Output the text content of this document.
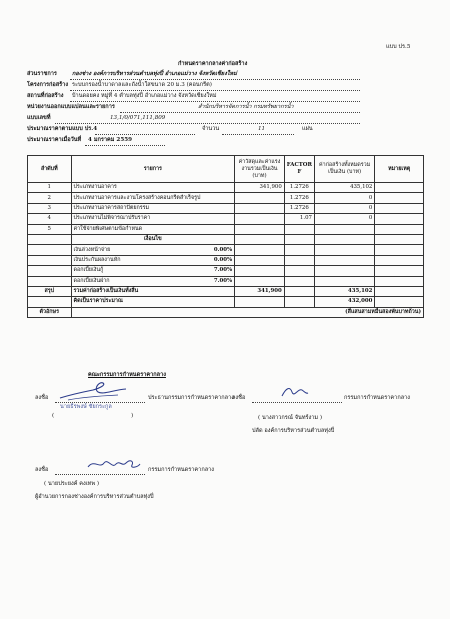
แบบ ปร.5
กำหนดราคากลางค่าก่อสร้าง
ส่วนราชการ	กองช่าง องค์การบริหารส่วนตำบลทุ่งปี่ อำเภอแม่วาง จังหวัดเชียงใหม่
โครงการก่อสร้าง ระบบกรองน้ำบาดาลและถังน้ำใสขนาด 20 ม.3 (คอนกรีต)
สถานที่ก่อสร้าง บ้านดอยคง หมู่ที่ 4 ตำบลทุ่งปี่ อำเภอแม่วาง จังหวัดเชียงใหม่
หน่วยงานออกแบบแปลนและรายการ	สำนักบริหารจัดการน้ำ กรมทรัพยากรน้ำ
แบบเลขที่	13,1/0/071,111,809
ประมาณราคาตามแบบ ปร.4	จำนวน	11	แผ่น
ประมาณราคาเมื่อวันที่ 4 มกราคม 2559
ลำดับที่	รายการ	ค่าวัสดุและค่าแรงงานรวมเป็นเงิน (บาท)	FACTOR F	ค่าก่อสร้างทั้งหมดรวมเป็นเงิน (บาท)	หมายเหตุ
1	ประเภทงานอาคาร	341,900	1.2726	435,102	
2	ประเภทงานอาคารและงานโครงสร้างคอนกรีตสำเร็จรูป		1.2726	0	
3	ประเภทงานอาคารสถาปัตยกรรม		1.2726	0	
4	ประเภทงานไม่พิจารณาปรับราคา		1.07	0	
5	ค่าใช้จ่ายพิเศษตามข้อกำหนด				
	เงื่อนไข				
	เงินล่วงหน้าจ่าย 0.00%				

	เงินประกันผลงานหัก 0.00%				

	ดอกเบี้ยเงินกู้ 7.00%				

	ดอกเบี้ยเงินฝาก 7.00%				

สรุป	รวมค่าก่อสร้างเป็นเงินทั้งสิ้น	341,900		435,102	
	คิดเป็นราคาประมาณ			432,000	
ตัวอักษร	(สี่แสนสามหมื่นสองพันบาทถ้วน)				
คณะกรรมการกำหนดราคากลาง
ลงชื่อ	ประธานกรรมการกำหนดราคากลาง
นายธีรพงษ์ ชัยกระกูล
(	)
ลงชื่อ	กรรมการกำหนดราคากลาง
( นางสาวกรณ์ จันทร์งาม )
ปลัด องค์การบริหารส่วนตำบลทุ่งปี่
ลงชื่อ	กรรมการกำหนดราคากลาง
( นายประยงค์ คงเทพ )
ผู้อำนวยการกองช่างองค์การบริหารส่วนตำบลทุ่งปี่
